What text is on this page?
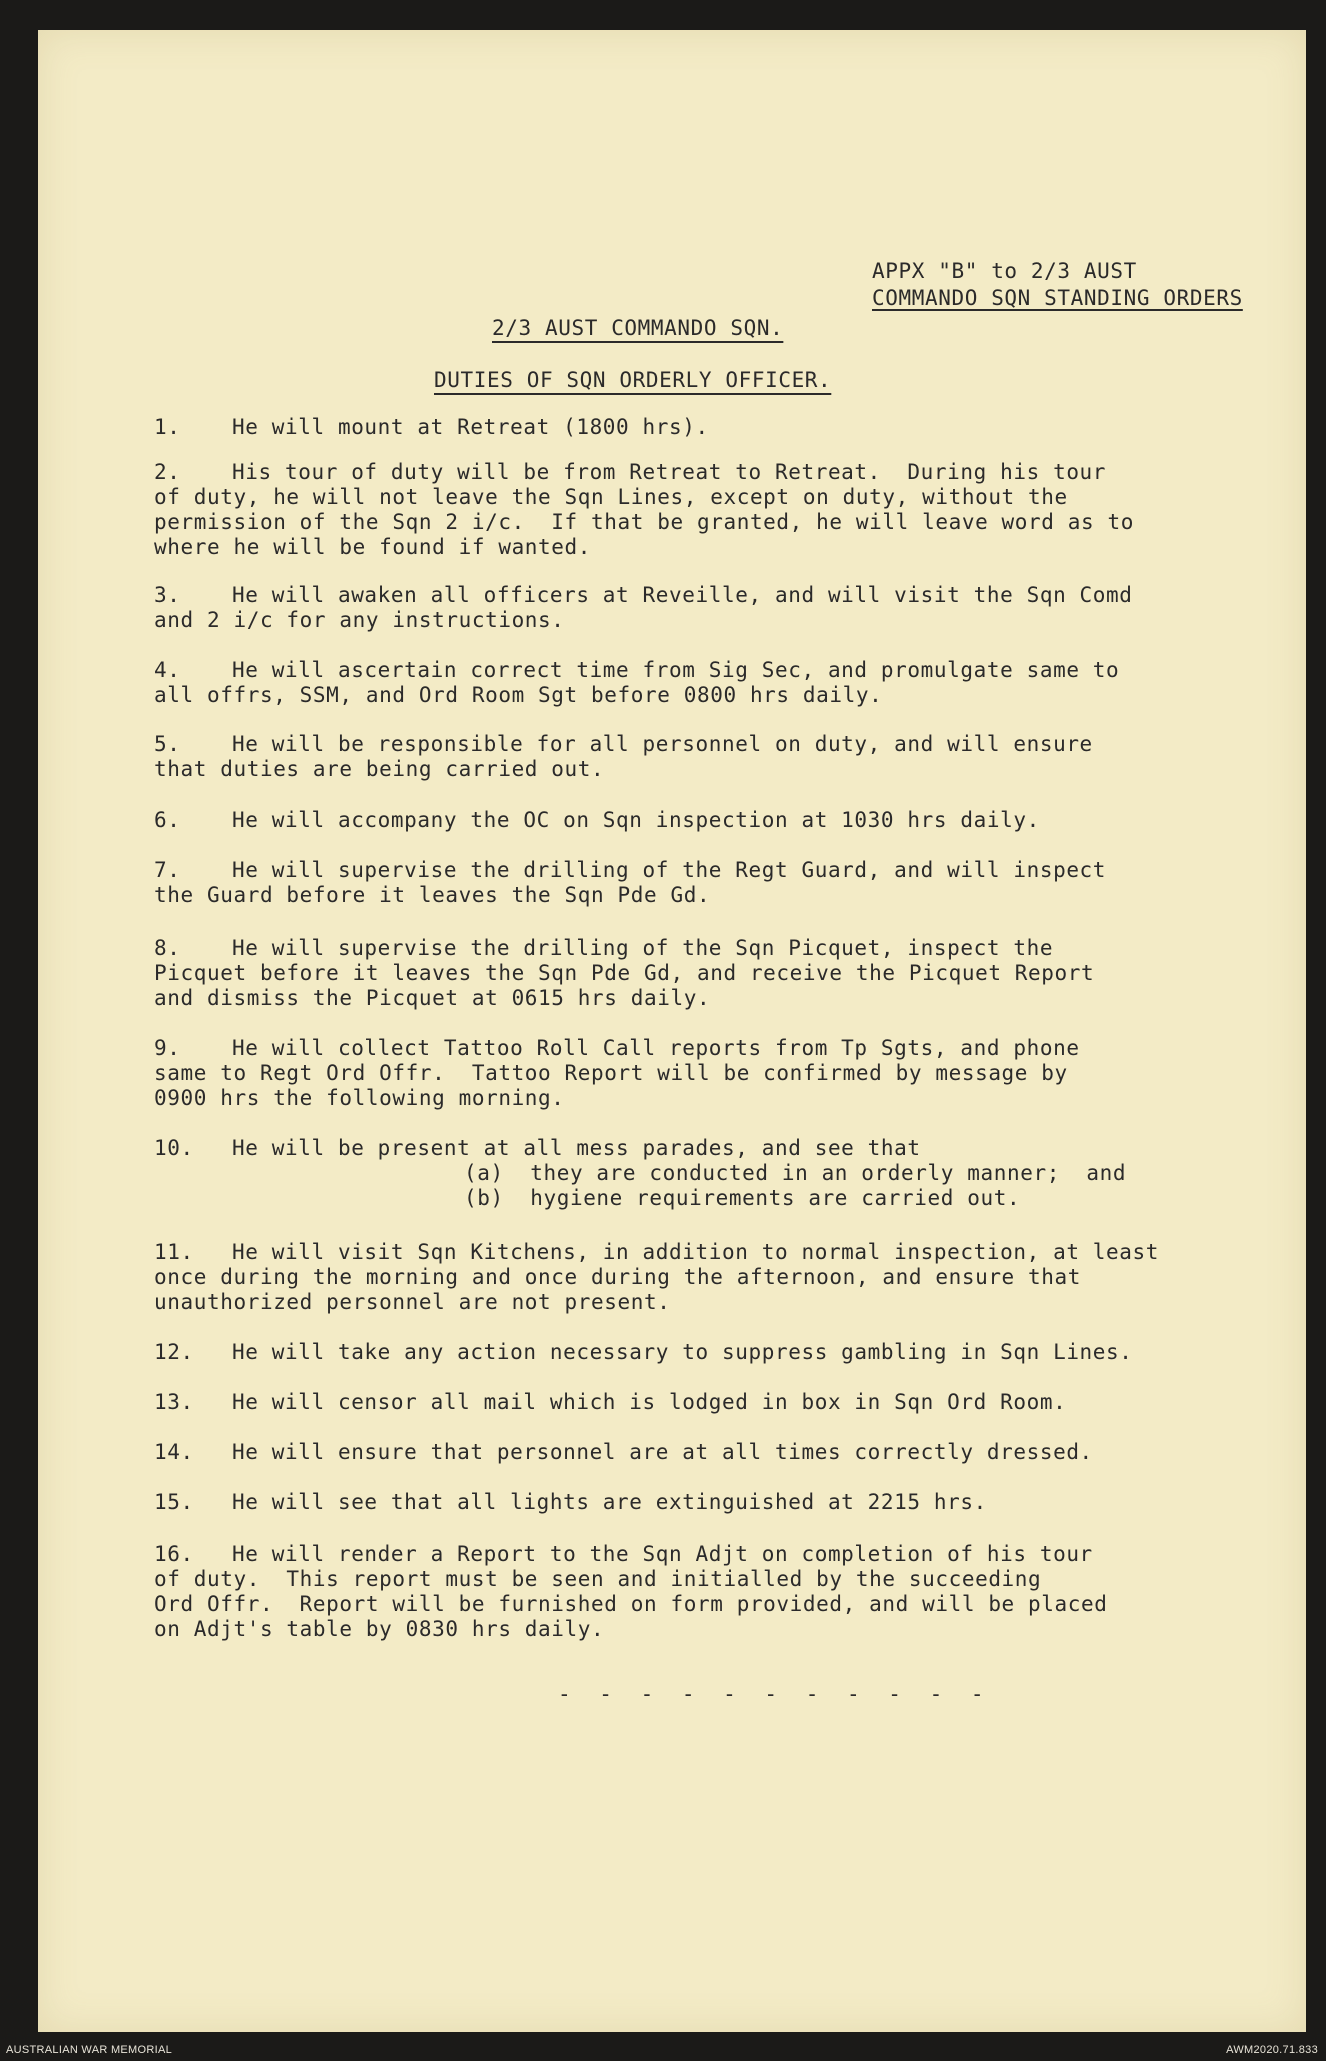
APPX "B" to 2/3 AUST
COMMANDO SQN STANDING ORDERS
2/3 AUST COMMANDO SQN.
DUTIES OF SQN ORDERLY OFFICER.
1. He will mount at Retreat (1800 hrs).
2. His tour of duty will be from Retreat to Retreat.  During his tour
of duty, he will not leave the Sqn Lines, except on duty, without the
permission of the Sqn 2 i/c.  If that be granted, he will leave word as to
where he will be found if wanted.
3. He will awaken all officers at Reveille, and will visit the Sqn Comd
and 2 i/c for any instructions.
4. He will ascertain correct time from Sig Sec, and promulgate same to
all offrs, SSM, and Ord Room Sgt before 0800 hrs daily.
5. He will be responsible for all personnel on duty, and will ensure
that duties are being carried out.
6. He will accompany the OC on Sqn inspection at 1030 hrs daily.
7. He will supervise the drilling of the Regt Guard, and will inspect
the Guard before it leaves the Sqn Pde Gd.
8. He will supervise the drilling of the Sqn Picquet, inspect the
Picquet before it leaves the Sqn Pde Gd, and receive the Picquet Report
and dismiss the Picquet at 0615 hrs daily.
9. He will collect Tattoo Roll Call reports from Tp Sgts, and phone
same to Regt Ord Offr.  Tattoo Report will be confirmed by message by
0900 hrs the following morning.
10. He will be present at all mess parades, and see that

(a)  they are conducted in an orderly manner;  and
(b)  hygiene requirements are carried out.
11. He will visit Sqn Kitchens, in addition to normal inspection, at least
once during the morning and once during the afternoon, and ensure that
unauthorized personnel are not present.
12. He will take any action necessary to suppress gambling in Sqn Lines.
13. He will censor all mail which is lodged in box in Sqn Ord Room.
14. He will ensure that personnel are at all times correctly dressed.
15. He will see that all lights are extinguished at 2215 hrs.
16. He will render a Report to the Sqn Adjt on completion of his tour
of duty.  This report must be seen and initialled by the succeeding
Ord Offr.  Report will be furnished on form provided, and will be placed
on Adjt's table by 0830 hrs daily.
- - - - - - - - - - -
AUSTRALIAN WAR MEMORIAL	AWM2020.71.833
